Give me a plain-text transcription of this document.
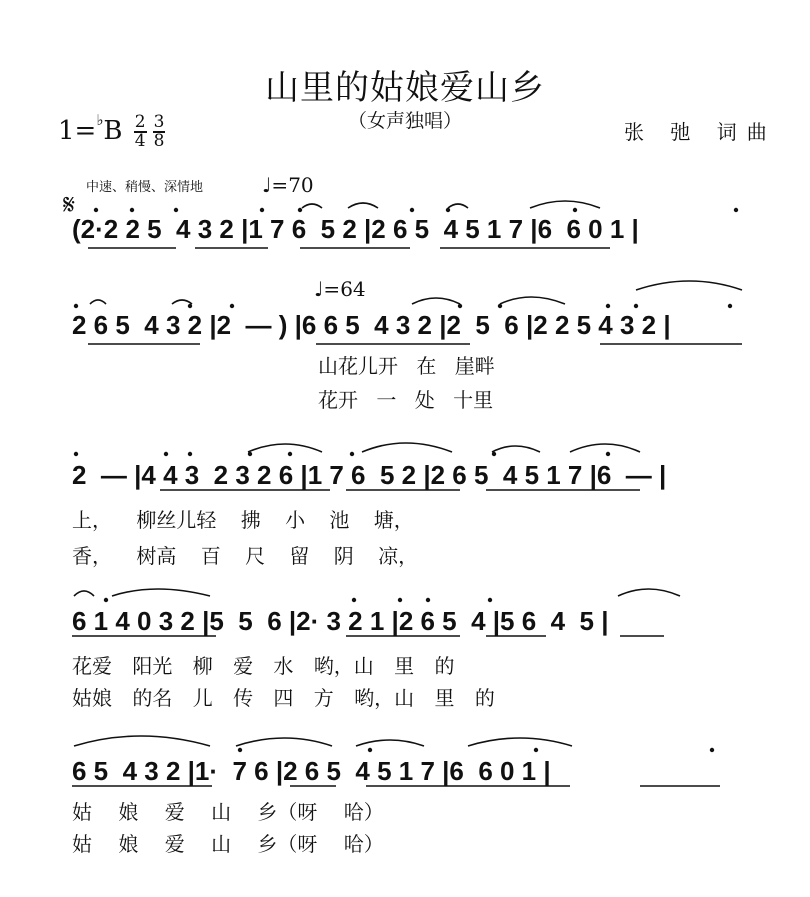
山里的姑娘爱山乡
（女声独唱）
$1=^♭B \frac{2}{4} \frac{3}{8}$	张 弛 词曲
𝄋
中速、稍慢、深情地	♩=70
♩=64
(2·2 2 5  4 3 2 |1 7 6  5 2 |2 6 5  4 5 1 7 |6  6 0 1 |
2 6 5  4 3 2 |2  — ) |6 6 5  4 3 2 |2  5  6 |2 2 5 4 3 2 |
山花儿开 在 崖畔
花开 一 处 十里
2  — |4 4 3  2 3 2 6 |1 7 6  5 2 |2 6 5  4 5 1 7 |6  — |
上， 柳丝儿轻 拂 小 池 塘，
香， 树高 百 尺 留 阴 凉，
6 1 4 0 3 2 |5  5  6 |2· 3 2 1 |2 6 5  4 |5 6  4  5 |
花爱 阳光 柳 爱 水 哟，山 里 的
姑娘 的名 儿 传 四 方 哟，山 里 的
6 5  4 3 2 |1·  7 6 |2 6 5  4 5 1 7 |6  6 0 1 |
姑 娘 爱 山 乡（呀 哈）
姑 娘 爱 山 乡（呀 哈）
